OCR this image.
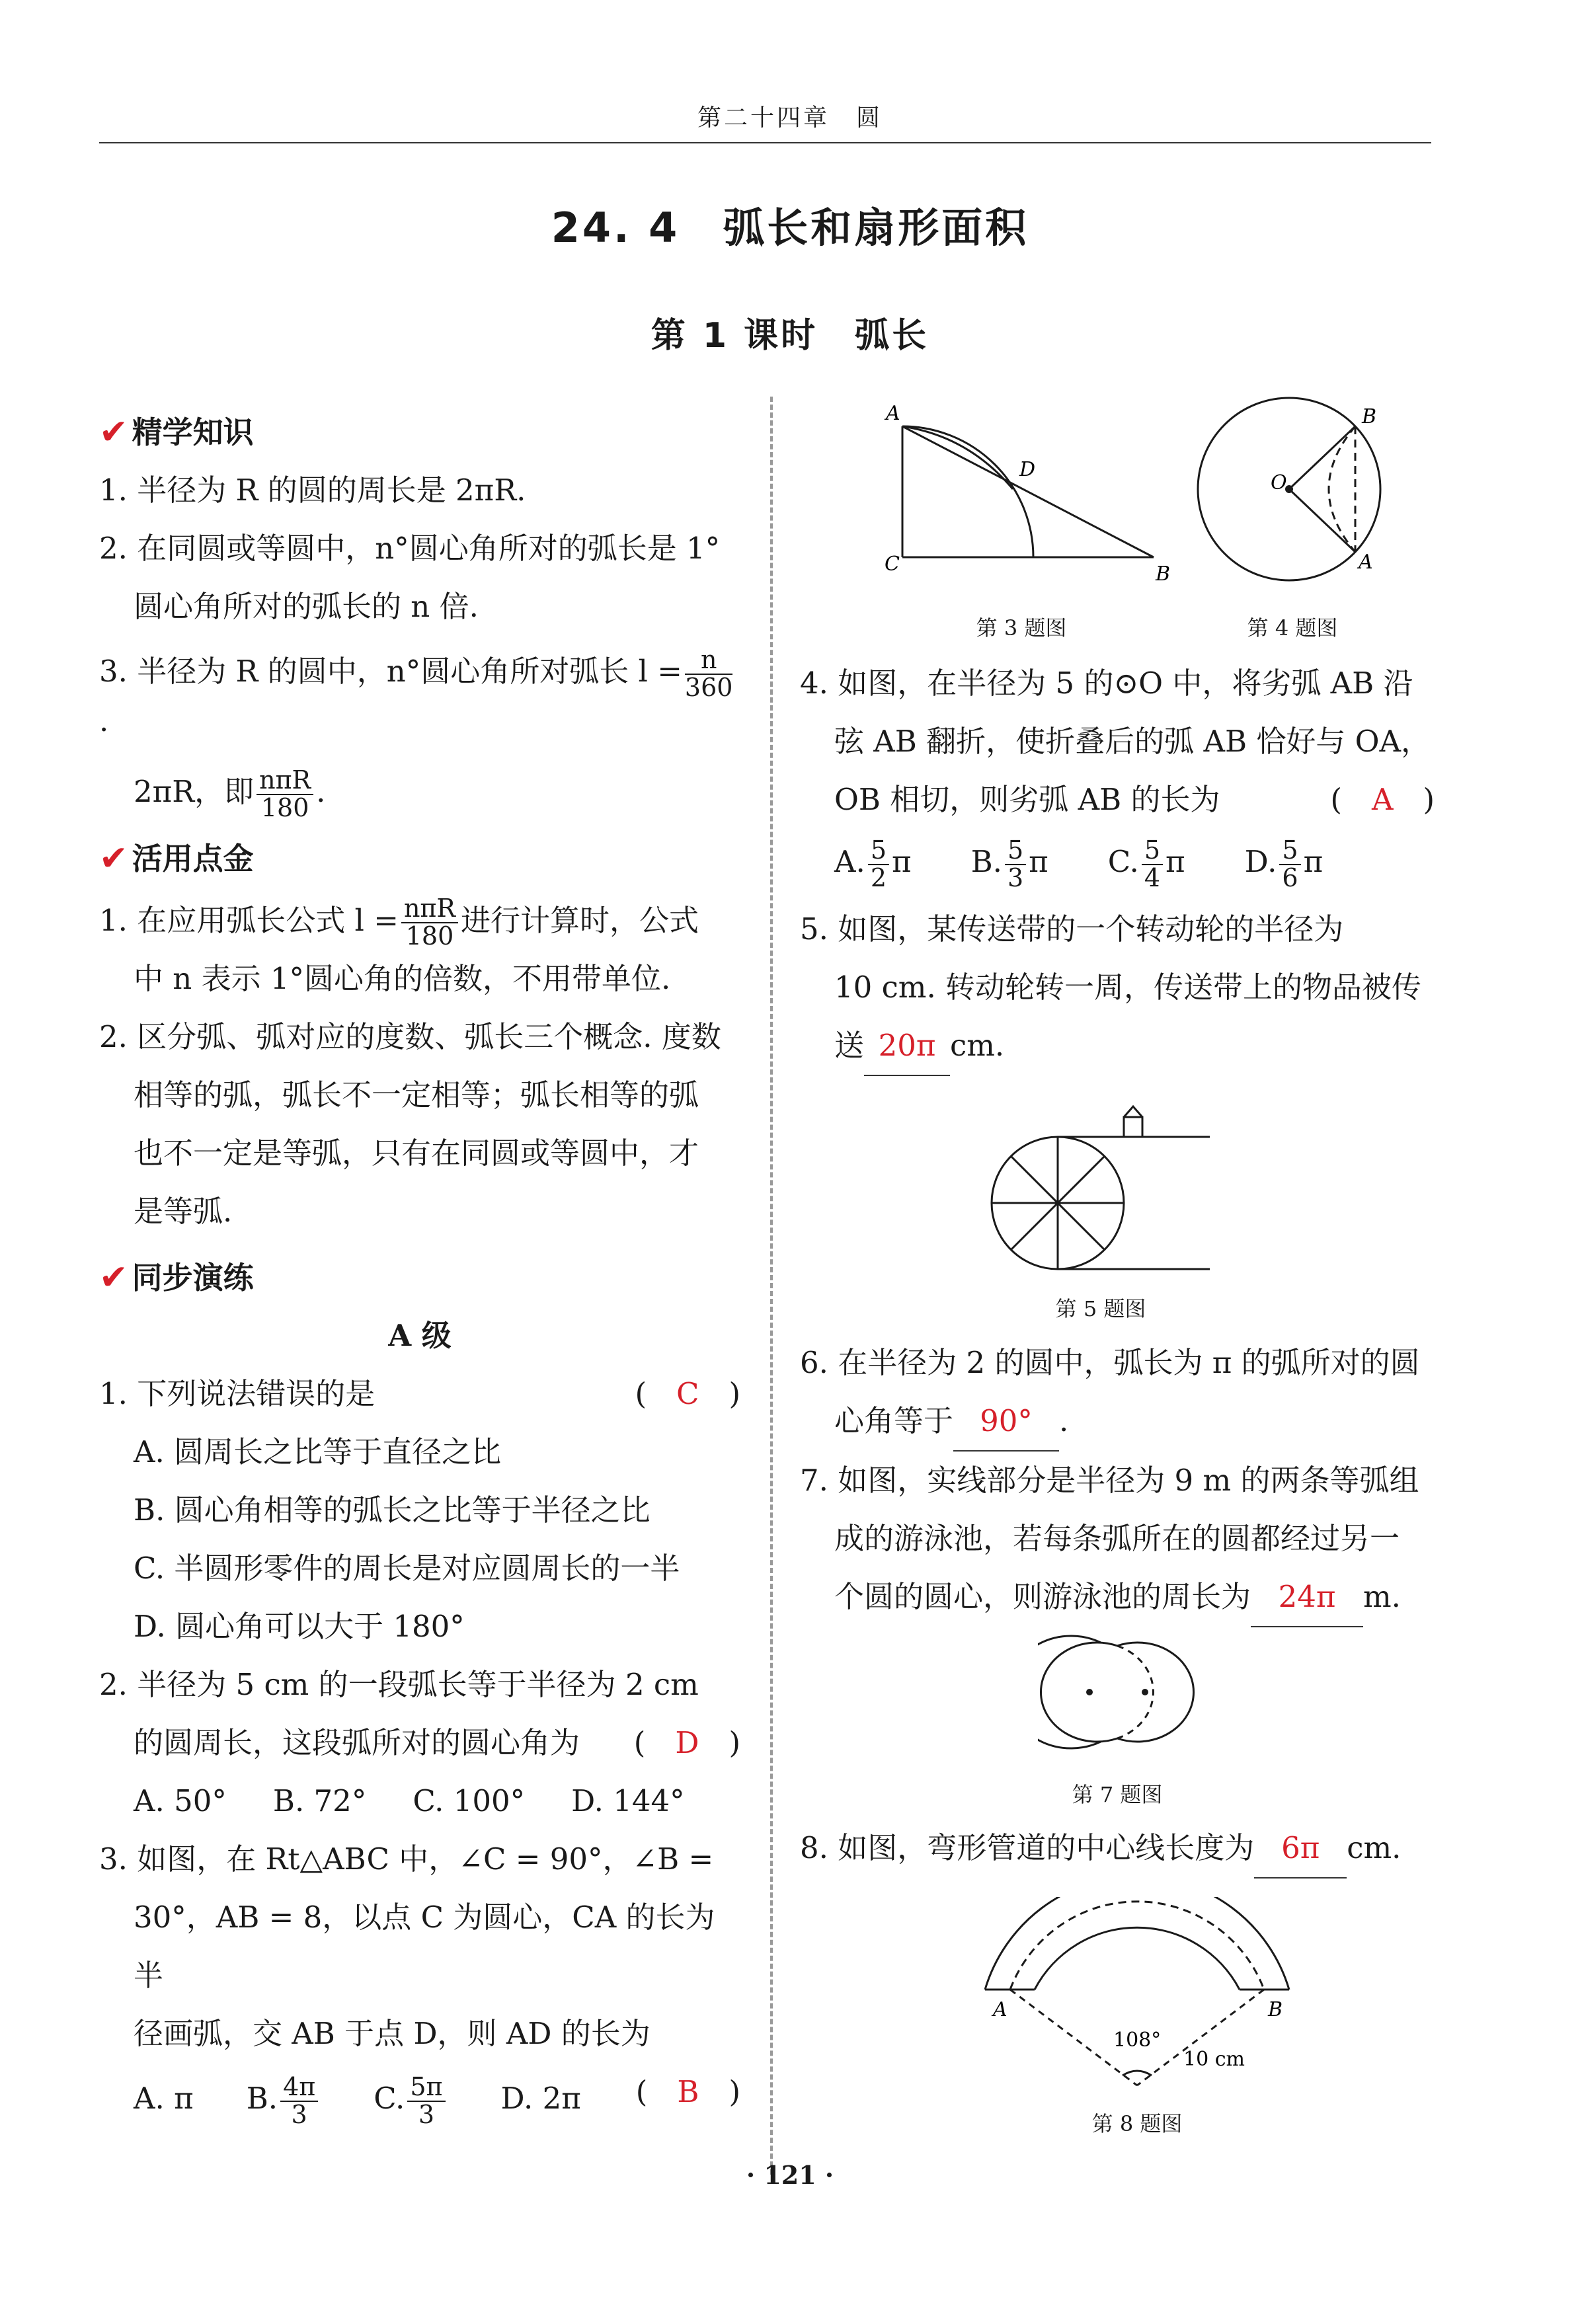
第二十四章　圆
24. 4　弧长和扇形面积
第 1 课时　弧长
✔ 精学知识
1. 半径为 R 的圆的周长是 2πR.
2. 在同圆或等圆中，n°圆心角所对的弧长是 1°
圆心角所对的弧长的 n 倍.
3. 半径为 R 的圆中，n°圆心角所对弧长 $l = \frac{n}{360}$
·
2πR，即 $\frac{\text{nπR}}{180}$ .
✔ 活用点金
1. 在应用弧长公式 $l = \frac{\text{nπR}}{180}$ 进行计算时，公式
中 n 表示 1°圆心角的倍数，不用带单位.
2. 区分弧、弧对应的度数、弧长三个概念. 度数
相等的弧，弧长不一定相等；弧长相等的弧
也不一定是等弧，只有在同圆或等圆中，才
是等弧.
✔ 同步演练
A 级
1. 下列说法错误的是	(　C　)
A. 圆周长之比等于直径之比
B. 圆心角相等的弧长之比等于半径之比
C. 半圆形零件的周长是对应圆周长的一半
D. 圆心角可以大于 180°
2. 半径为 5 cm 的一段弧长等于半径为 2 cm
的圆周长，这段弧所对的圆心角为 (　D　)
A. 50° B. 72° C. 100° D. 144°
3. 如图，在 Rt△ABC 中，∠C = 90°，∠B =
30°，AB = 8，以点 C 为圆心，CA 的长为半
径画弧，交 AB 于点 D，则 AD 的长为
(　B　)
A. π B. $\frac{4\pi}{3} C$. $\frac{5\pi}{3} D$. 2π
A
C	B
D
O
B
A
第 3 题图	第 4 题图
4. 如图，在半径为 5 的⊙O 中，将劣弧 AB 沿
弦 AB 翻折，使折叠后的弧 AB 恰好与 OA，
OB 相切，则劣弧 AB 的长为	(　A　)
A. $\frac{5}{2}$ π B. $\frac{5}{3}$ π C. $\frac{5}{4}$ π D. $\frac{5}{6}$ π
5. 如图，某传送带的一个转动轮的半径为
10 cm. 转动轮转一周，传送带上的物品被传
送 20π cm.
第 5 题图
6. 在半径为 2 的圆中，弧长为 π 的弧所对的圆
心角等于 90° .
7. 如图，实线部分是半径为 9 m 的两条等弧组
成的游泳池，若每条弧所在的圆都经过另一
个圆的圆心，则游泳池的周长为 24π m.
第 7 题图
8. 如图，弯形管道的中心线长度为 6π cm.
A	B
108°
10 cm
第 8 题图
· 121 ·
